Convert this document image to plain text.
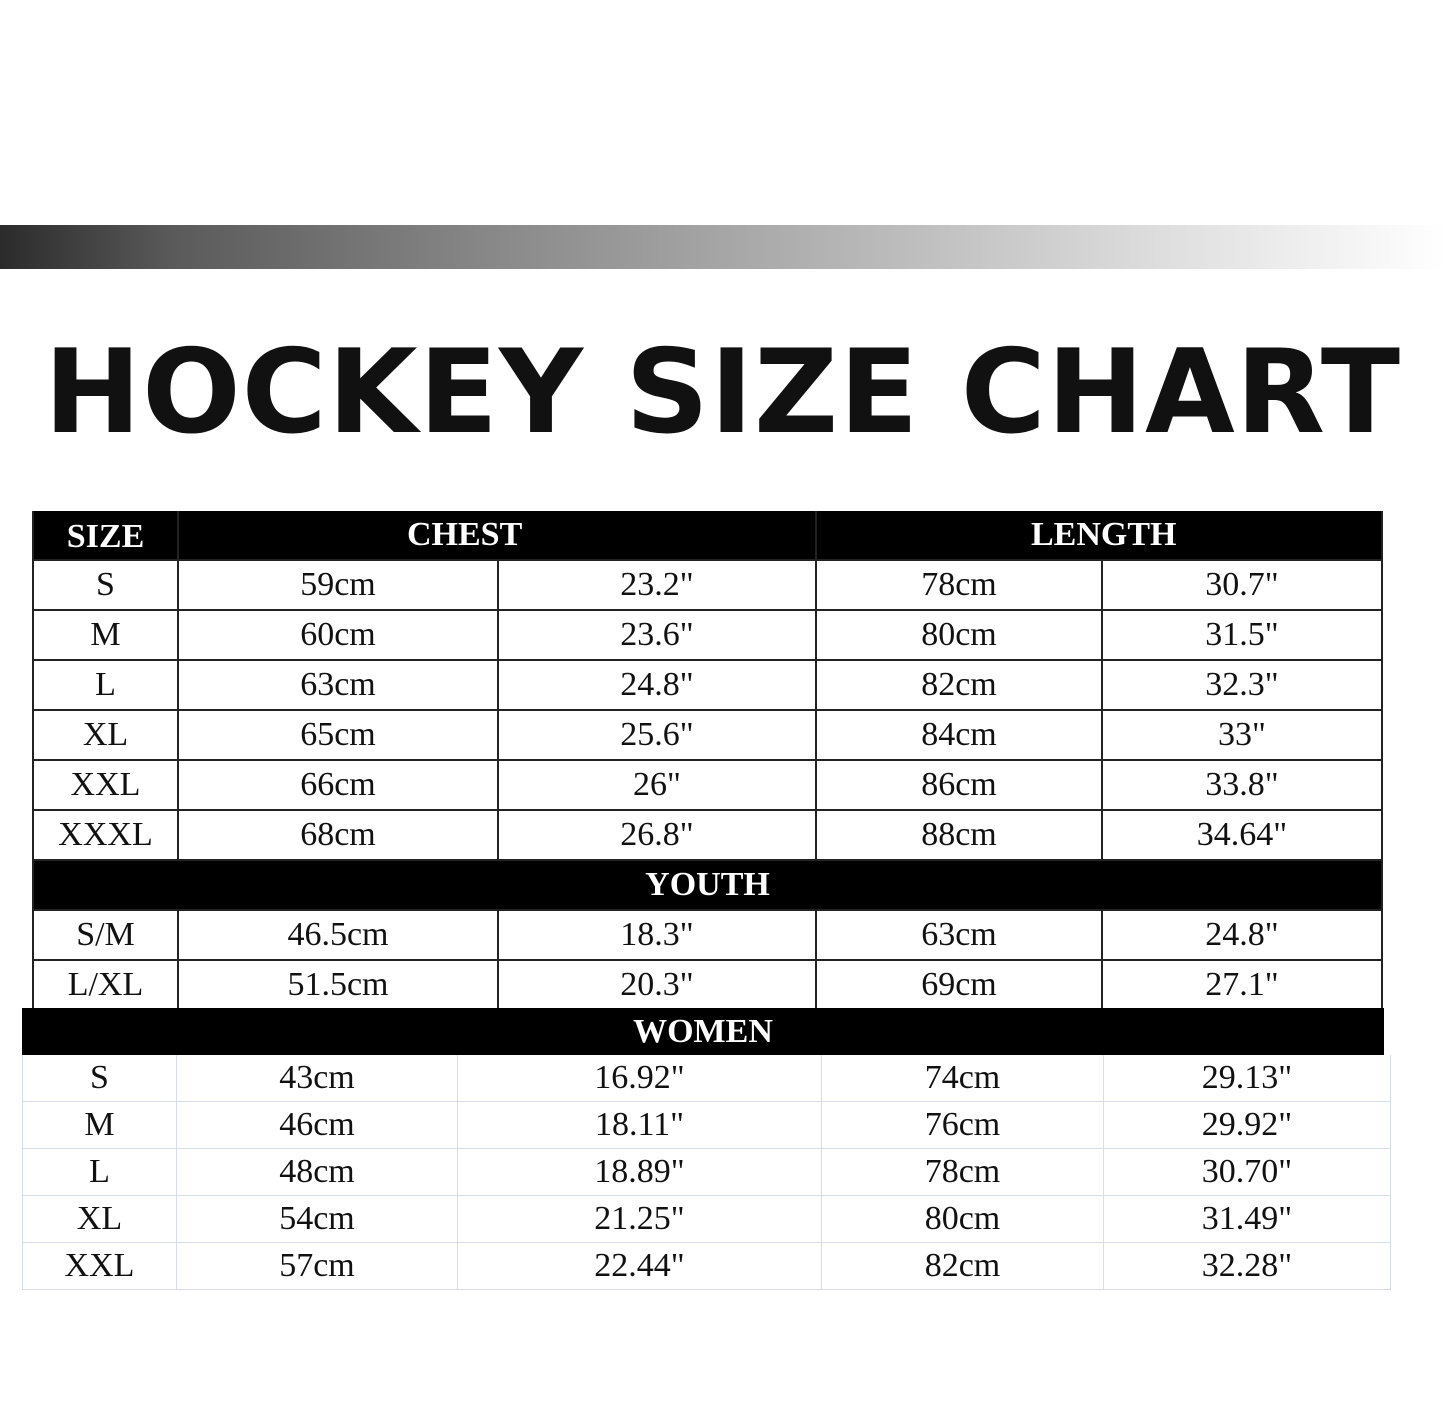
HOCKEY SIZE CHART
SIZE	CHEST	LENGTH
S	59cm	23.2"	78cm	30.7"
M	60cm	23.6"	80cm	31.5"
L	63cm	24.8"	82cm	32.3"
XL	65cm	25.6"	84cm	33"
XXL	66cm	26"	86cm	33.8"
XXXL	68cm	26.8"	88cm	34.64"
YOUTH
S/M	46.5cm	18.3"	63cm	24.8"
L/XL	51.5cm	20.3"	69cm	27.1"
WOMEN
S	43cm	16.92"	74cm	29.13"
M	46cm	18.11"	76cm	29.92"
L	48cm	18.89"	78cm	30.70"
XL	54cm	21.25"	80cm	31.49"
XXL	57cm	22.44"	82cm	32.28"
